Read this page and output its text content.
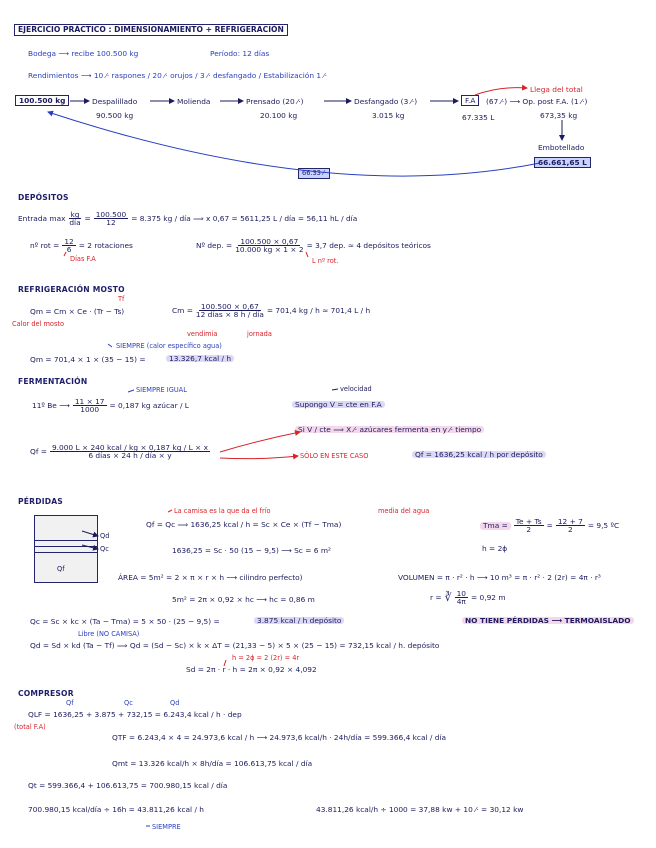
EJERCICIO PRÁCTICO : DIMENSIONAMIENTO + REFRIGERACIÓN
Bodega ⟶ recibe 100.500 kg	Período: 12 días
Rendimientos ⟶ 10 ⁄· raspones / 20 ⁄· orujos / 3 ⁄· desfangado / Estabilización 1 ⁄·
Llega del total
100.500 kg	Despalillado
90.500 kg
Molienda	Prensado (20 ⁄·)
20.100 kg
Desfangado (3 ⁄·)
3.015 kg
F.A
67.335 L
(67 ⁄·) ⟶ Op. post F.A. (1 ⁄·)
673,35 kg
Embotellado
66.661,65 L
66.33 ⁄·
DEPÓSITOS
Entrada $\max \frac{kg}{\text{día}} = \frac{100.500}{12} = 8.375$ kg / día ⟹ x 0,67 = 5611,25 L / día = 56,11 hL / día
nº rot = $\frac{12}{6} = 2$ rotaciones
Días F.A
Nº dep. = $\frac{100.500 \times 0,67}{10.000 kg \times 1 \times 2} = 3,7$ dep. ≈ 4 depósitos teóricos
L nº rot.
REFRIGERACIÓN MOSTO
Tf
Qm = Cm × Ce · (Tr − Ts)
Calor del mosto
$Cm = \frac{100.500 \times 0,67}{\text{12 días × 8 h / día}} = 701,4$ kg / h ≈ 701,4 L / h
vendimia	jornada
SIEMPRE (calor específico agua)
Qm = 701,4 × 1 × (35 − 15) =	13.326,7 kcal / h
FERMENTACIÓN
SIEMPRE IGUAL
11º Be ⟶ $\frac{11 \times 17}{1000} = 0,187$ kg azúcar / L
velocidad
Supongo V = cte en F.A
Si V / cte ⟹ X ⁄· azúcares fermenta en y ⁄· tiempo
$Qf = \frac{\text{9.000 L × 240 kcal / kg × 0,187 kg / L × x}}{\text{6 días × 24 h / día × y}}$	SÓLO EN ESTE CASO	Qf = 1636,25 kcal / h por depósito
PÉRDIDAS
Qf
Qd
Qc
La camisa es la que da el frío	media del agua
Qf = Qc ⟹ 1636,25 kcal / h = Sc × Ce × (Tf − Tma)	Tma = $\frac{Te + Ts}{2} = \frac{12 + 7}{2} = 9,5$ ºC
h = 2ϕ
1636,25 = Sc · 50 (15 − 9,5) ⟶ Sc = 6 m²
ÁREA = 5m² = 2 × π × r × h ⟶ cilindro perfecto)	VOLUMEN = π · r² · h ⟶ 10 m³ = π · r² · 2 (2r) = 4π · r³
5m² = 2π × 0,92 × hc ⟶ hc = 0,86 m	r = ∛ $\frac{10}{4\pi} = 0,92$ m
Qc = Sc × kc × (Ta − Tma) = 5 × 50 · (25 − 9,5) =	3.875 kcal / h depósito	NO TIENE PÉRDIDAS ⟶ TERMOAISLADO
Libre (NO CAMISA)
Qd = Sd × kd (Ta − Tf) ⟹ Qd = (Sd − Sc) × k × ΔT = (21,33 − 5) × 5 × (25 − 15) = 732,15 kcal / h. depósito
h = 2ϕ = 2 (2r) = 4r
Sd = 2π · r · h = 2π × 0,92 × 4,092
COMPRESOR
Qf	Qc	Qd
QLF = 1636,25 + 3.875 + 732,15 = 6.243,4 kcal / h · dep
(total F.A)
QTF = 6.243,4 × 4 = 24.973,6 kcal / h ⟶ 24.973,6 kcal/h · 24h/día = 599.366,4 kcal / día
Qmt = 13.326 kcal/h × 8h/día = 106.613,75 kcal / día
Qt = 599.366,4 + 106.613,75 = 700.980,15 kcal / día
700.980,15 kcal/día ÷ 16h = 43.811,26 kcal / h
SIEMPRE
43.811,26 kcal/h ÷ 1000 = 37,88 kw + 10 ⁄· = 30,12 kw
